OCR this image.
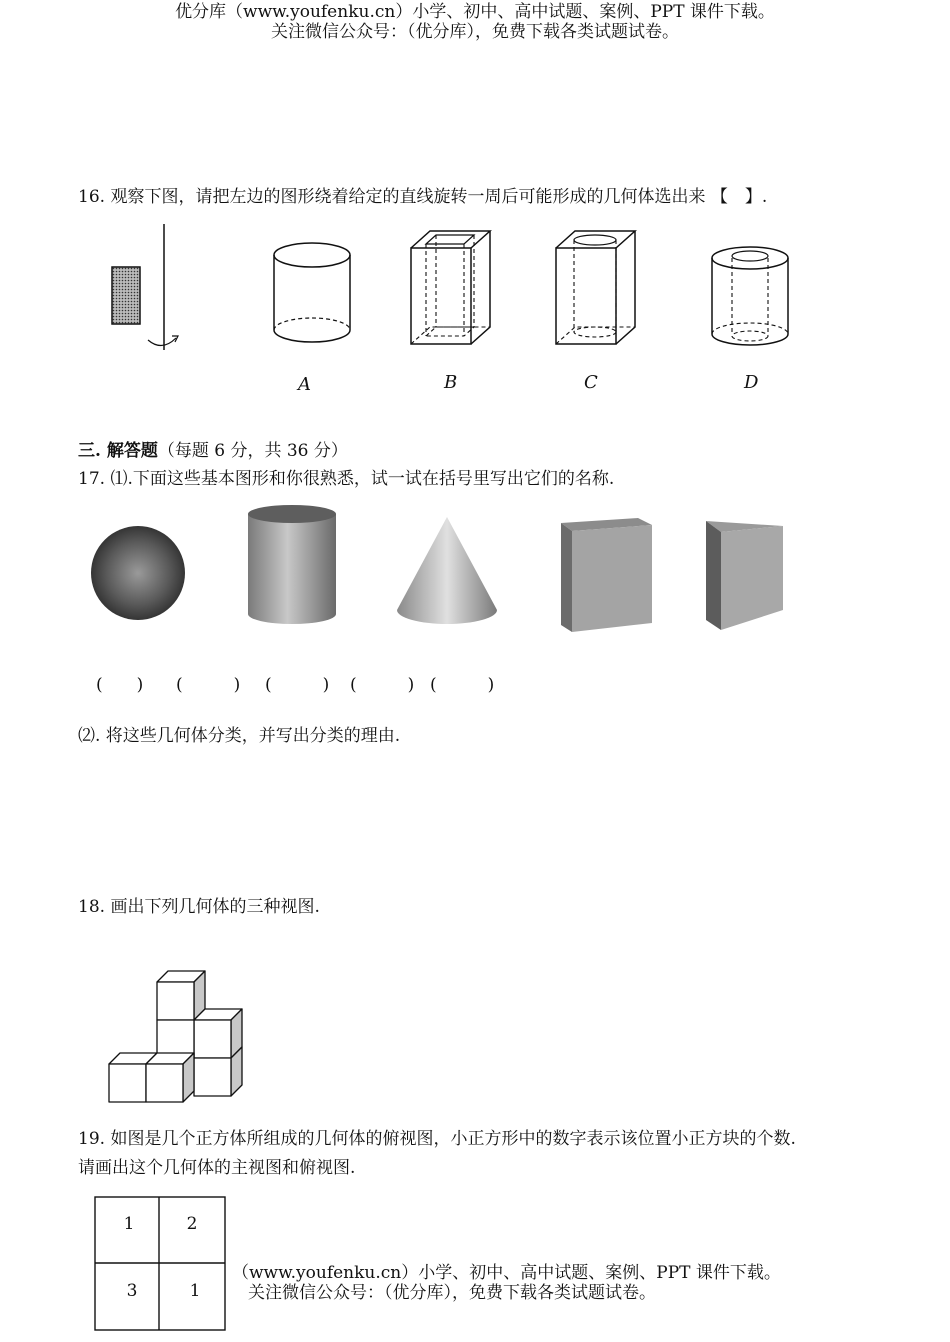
优分库（www.youfenku.cn）小学、初中、高中试题、案例、PPT 课件下载。
关注微信公众号：（优分库），免费下载各类试题试卷。
16. 观察下图，请把左边的图形绕着给定的直线旋转一周后可能形成的几何体选出来 【　】.
A	B	C	D
三. 解答题（每题 6 分，共 36 分）
17. ⑴.下面这些基本图形和你很熟悉，试一试在括号里写出它们的名称.
(　　) (　　　) (　　　) (　　　) (　　　)
⑵. 将这些几何体分类，并写出分类的理由.
18. 画出下列几何体的三种视图.
19. 如图是几个正方体所组成的几何体的俯视图，小正方形中的数字表示该位置小正方块的个数.
请画出这个几何体的主视图和俯视图.
1	2
3	1
（www.youfenku.cn）小学、初中、高中试题、案例、PPT 课件下载。
关注微信公众号：（优分库），免费下载各类试题试卷。
